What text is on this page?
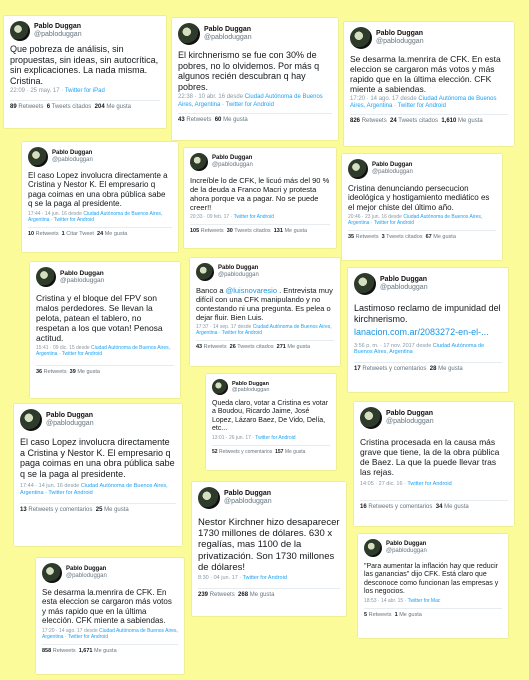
Pablo Duggan
@pabloduggan
Que pobreza de análisis, sin propuestas, sin ideas, sin autocrítica, sin explicaciones. La nada misma. Cristina.
22:09 · 25 may. 17 · Twitter for iPad
89 Retweets 6 Tweets citados 204 Me gusta
Pablo Duggan
@pabloduggan
El kirchnerismo se fue con 30% de pobres, no lo olvidemos. Por más q algunos recién descubran q hay pobres.
22:38 · 10 abr. 16 desde Ciudad Autónoma de Buenos Aires, Argentina · Twitter for Android
43 Retweets 60 Me gusta
Pablo Duggan
@pabloduggan
Se desarma la.menrira de CFK. En esta eleccion se cargaron más votos y más rapido que en la última elección. CFK miente a sabiendas.
17:20 · 14 ago. 17 desde Ciudad Autónoma de Buenos Aires, Argentina · Twitter for Android
826 Retweets 24 Tweets citados 1,610 Me gusta
Pablo Duggan
@pabloduggan
El caso Lopez involucra directamente a Cristina y Nestor K. El empresario q paga coimas en una obra pública sabe q se la paga al presidente.
17:44 · 14 jun. 16 desde Ciudad Autónoma de Buenos Aires, Argentina · Twitter for Android
10 Retweets 1 Citar Tweet 24 Me gusta
Pablo Duggan
@pabloduggan
Increíble lo de CFK, le licuó más del 90 % de la deuda a Franco Macri y protesta ahora porque va a pagar. No se puede creer!!
20:33 · 09 feb. 17 · Twitter for Android
105 Retweets 30 Tweets citados 131 Me gusta
Pablo Duggan
@pabloduggan
Cristina denunciando persecucion ideológica y hostigamiento mediático es el mejor chiste del último año.
20:46 · 23 jun. 16 desde Ciudad Autónoma de Buenos Aires, Argentina · Twitter for Android
35 Retweets 3 Tweets citados 67 Me gusta
Pablo Duggan
@pabloduggan
Cristina y el bloque del FPV son malos perdedores. Se llevan la pelota, patean el tablero, no respetan a los que votan! Penosa actitud.
15:41 · 09 dic. 15 desde Ciudad Autónoma de Buenos Aires, Argentina · Twitter for Android
36 Retweets 39 Me gusta
Pablo Duggan
@pabloduggan
Banco a @luisnovaresio . Entrevista muy difícil con una CFK manipulando y no contestando ni una pregunta. Es pelea o dejar fluir. Bien Luis.
17:37 · 14 sep. 17 desde Ciudad Autónoma de Buenos Aires, Argentina · Twitter for Android
43 Retweets 26 Tweets citados 271 Me gusta
Pablo Duggan
@pabloduggan
Lastimoso reclamo de impunidad del kirchnerismo.
lanacion.com.ar/2083272-en-el-...
3:56 p. m. · 17 nov. 2017 desde Ciudad Autónoma de Buenos Aires, Argentina
17 Retweets y comentarios 28 Me gusta
Pablo Duggan
@pabloduggan
Queda claro, votar a Cristina es votar a Boudou, Ricardo Jaime, José Lopez, Lázaro Baez, De Vido, Delía, etc...
13:01 · 26 jun. 17 · Twitter for Android
52 Retweets y comentarios 157 Me gusta
Pablo Duggan
@pabloduggan
El caso Lopez involucra directamente a Cristina y Nestor K. El empresario q paga coimas en una obra pública sabe q se la paga al presidente.
17:44 · 14 jun. 16 desde Ciudad Autónoma de Buenos Aires, Argentina · Twitter for Android
13 Retweets y comentarios 25 Me gusta
Pablo Duggan
@pabloduggan
Cristina procesada en la causa más grave que tiene, la de la obra pública de Baez. La que la puede llevar tras las rejas.
14:05 · 27 dic. 16 · Twitter for Android
16 Retweets y comentarios 34 Me gusta
Pablo Duggan
@pabloduggan
Nestor Kirchner hizo desaparecer 1730 millones de dólares. 630 x regalías, mas 1100 de la privatización. Son 1730 millones de dólares!
8:30 · 04 jun. 17 · Twitter for Android
239 Retweets 268 Me gusta
Pablo Duggan
@pabloduggan
Se desarma la.menrira de CFK. En esta eleccion se cargaron más votos y más rapido que en la última elección. CFK miente a sabiendas.
17:20 · 14 ago. 17 desde Ciudad Autónoma de Buenos Aires, Argentina · Twitter for Android
858 Retweets 1,671 Me gusta
Pablo Duggan
@pabloduggan
"Para aumentar la inflación hay que reducir las ganancias" dijo CFK. Está claro que desconoce como funcionan las empresas y los negocios.
18:53 · 14 abr. 15 · Twitter for Mac
5 Retweets 1 Me gusta
